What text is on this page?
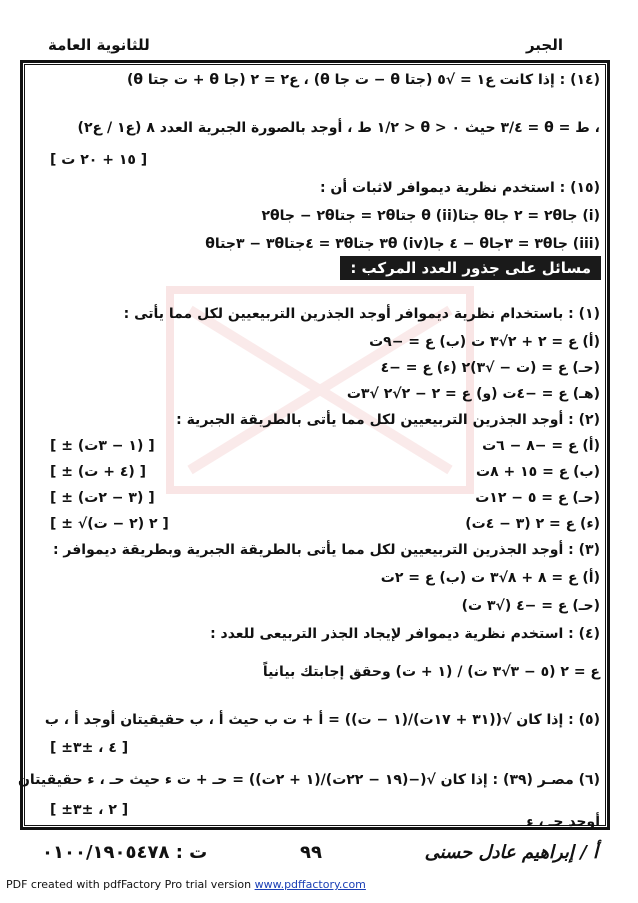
الجبر
للثانوية العامة
(١٤) : إذا كانت ع١ = √٥ (جتا θ − ت جا θ) ، ع٢ = ٢ (جا θ + ت جتا θ)
، ط = θ = ٣/٤ حيث ٠ < θ < ١/٢ ط ، أوجد بالصورة الجبرية العدد ٨ (ع١ / ع٢)
[ ١٥ + ٢٠ ت ]
(١٥) : استخدم نظرية ديموافر لاثبات أن :
(i) جا٢θ = ٢ جاθ جتاθ (ii) جتا٢θ = جتا٢θ − جا٢θ
(iii) جا٣θ = ٣جاθ − ٤ جا٣θ (iv) جتا٣θ = ٤جتا٣θ − ٣جتاθ
(١) : باستخدام نظرية ديموافر أوجد الجذرين التربيعيين لكل مما يأتى :
(أ) ع = ٢ + ٢√٣ ت (ب) ع = −٩ت
(حـ) ع = (ت − √٣)٢ (ء) ع = −٤
(هـ) ع = −٤ت (و) ع = ٢ − ٢√٢ √٣ت
(٢) : أوجد الجذرين التربيعيين لكل مما يأتى بالطريقة الجبرية :
(أ) ع = −٨ − ٦ت
[ ± (١ − ٣ت) ]
(ب) ع = ١٥ + ٨ت
[ ± (٤ + ت) ]
(حـ) ع = ٥ − ١٢ت
[ ± (٣ − ٢ت) ]
(ء) ع = ٢ (٣ − ٤ت)
[ ± √٢ (٢ − ت) ]
(٣) : أوجد الجذرين التربيعيين لكل مما يأتى بالطريقة الجبرية وبطريقة ديموافر :
(أ) ع = ٨ + ٨√٣ ت (ب) ع = ٢ت
(حـ) ع = −٤ (√٣ ت)
(٤) : استخدم نظرية ديموافر لإيجاد الجذر التربيعى للعدد :
ع = ٢ (٥ − ٣√٣ ت) / (١ + ت) وحقق إجابتك بيانياً
(٥) : إذا كان √((٣١ + ١٧ت)/(١ − ت)) = أ + ت ب حيث أ ، ب حقيقيتان أوجد أ ، ب
[ ±٤ ، ±٣ ]
(٦) مصـر (٣٩) : إذا كان √(−(١٩ − ٢٢ت)/(١ + ٢ت)) = حـ + ت ء حيث حـ ، ء حقيقيتان
[ ±٢ ، ±٣ ]
أوجد حـ ، ء
مسائل على جذور العدد المركب :
أ / إبراهيم عادل حسنى
٩٩
ت : ٠١٠٠/١٩٠٥٤٧٨
PDF created with pdfFactory Pro trial version www.pdffactory.com
